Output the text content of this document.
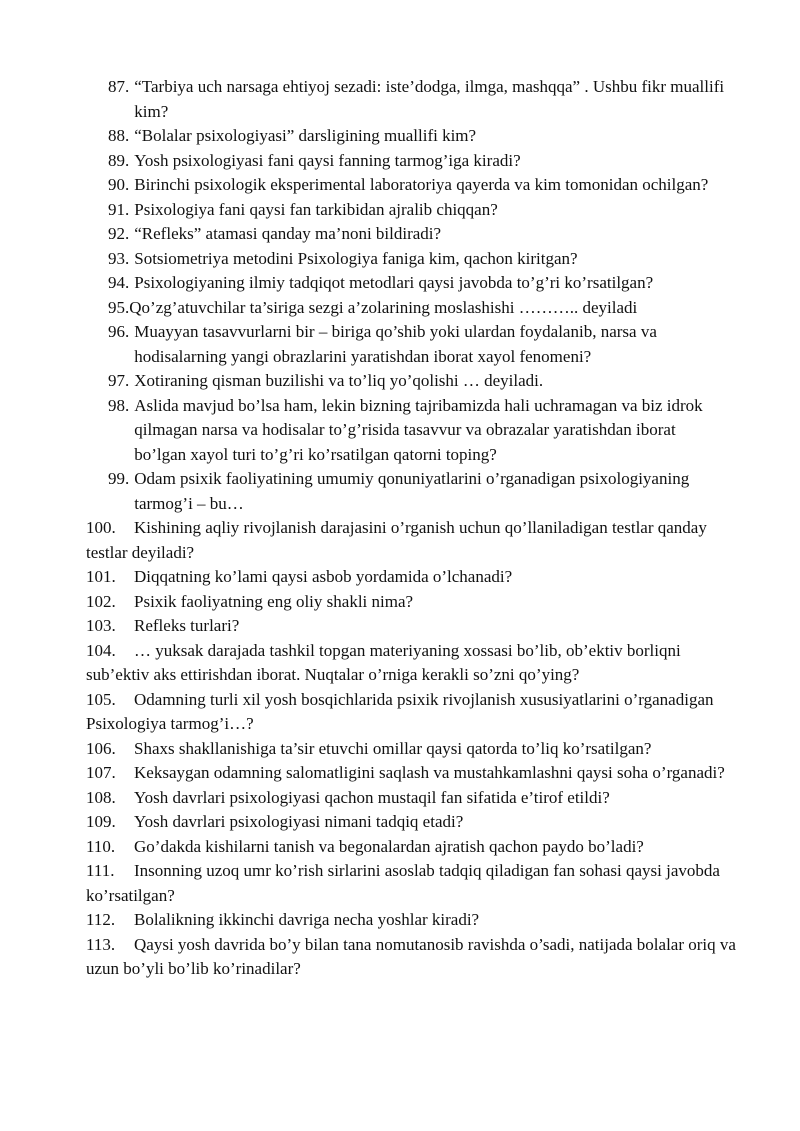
87. “Tarbiya uch narsaga ehtiyoj sezadi: iste’dodga, ilmga, mashqqa” . Ushbu fikr muallifi kim?
88. “Bolalar psixologiyasi” darsligining muallifi kim?
89. Yosh psixologiyasi fani qaysi fanning tarmog’iga kiradi?
90. Birinchi psixologik eksperimental laboratoriya qayerda va kim tomonidan ochilgan?
91. Psixologiya fani qaysi fan tarkibidan ajralib chiqqan?
92. “Refleks” atamasi qanday ma’noni bildiradi?
93. Sotsiometriya metodini Psixologiya faniga kim, qachon kiritgan?
94. Psixologiyaning ilmiy tadqiqot metodlari qaysi javobda to’g’ri ko’rsatilgan?
95. Qo’zg’atuvchilar ta’siriga sezgi a’zolarining moslashishi ……….. deyiladi
96. Muayyan tasavvurlarni bir – biriga qo’shib yoki ulardan foydalanib, narsa va hodisalarning yangi obrazlarini yaratishdan iborat xayol fenomeni?
97. Xotiraning qisman buzilishi va to’liq yo’qolishi … deyiladi.
98. Aslida mavjud bo’lsa ham, lekin bizning tajribamizda hali uchramagan va biz idrok qilmagan narsa va hodisalar to’g’risida tasavvur va obrazalar yaratishdan iborat bo’lgan xayol turi to’g’ri ko’rsatilgan qatorni toping?
99. Odam psixik faoliyatining umumiy qonuniyatlarini o’rganadigan psixologiyaning tarmog’i – bu…
100. Kishining aqliy rivojlanish darajasini o’rganish uchun qo’llaniladigan testlar qanday testlar deyiladi?
101. Diqqatning ko’lami qaysi asbob yordamida o’lchanadi?
102. Psixik faoliyatning eng oliy shakli nima?
103. Refleks turlari?
104. … yuksak darajada tashkil topgan materiyaning xossasi bo’lib, ob’ektiv borliqni sub’ektiv aks ettirishdan iborat. Nuqtalar o’rniga kerakli so’zni qo’ying?
105. Odamning turli xil yosh bosqichlarida psixik rivojlanish xususiyatlarini o’rganadigan Psixologiya tarmog’i…?
106. Shaxs shakllanishiga ta’sir etuvchi omillar qaysi qatorda to’liq ko’rsatilgan?
107. Keksaygan odamning salomatligini saqlash va mustahkamlashni qaysi soha o’rganadi?
108. Yosh davrlari psixologiyasi qachon mustaqil fan sifatida e’tirof etildi?
109. Yosh davrlari psixologiyasi nimani tadqiq etadi?
110. Go’dakda kishilarni tanish va begonalardan ajratish qachon paydo bo’ladi?
111. Insonning uzoq umr ko’rish sirlarini asoslab tadqiq qiladigan fan sohasi qaysi javobda ko’rsatilgan?
112. Bolalikning ikkinchi davriga necha yoshlar kiradi?
113. Qaysi yosh davrida bo’y bilan tana nomutanosib ravishda o’sadi, natijada bolalar oriq va uzun bo’yli bo’lib ko’rinadilar?
